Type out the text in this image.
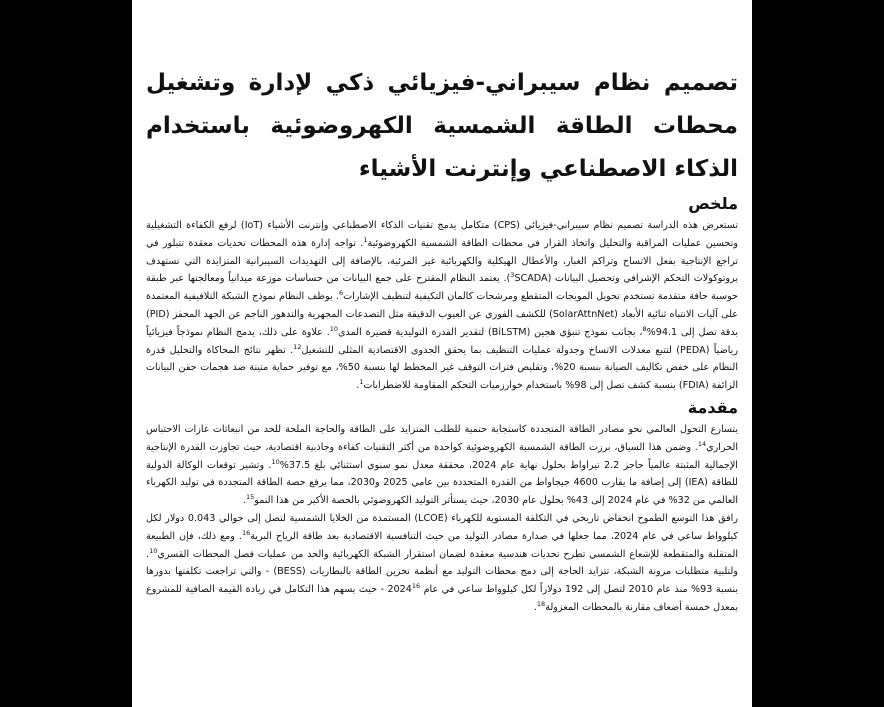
تصميم نظام سيبراني-فيزيائي ذكي لإدارة وتشغيل محطات الطاقة الشمسية الكهروضوئية باستخدام الذكاء الاصطناعي وإنترنت الأشياء
ملخص

تستعرض هذه الدراسة تصميم نظام سيبراني-فيزيائي (CPS) متكامل يدمج تقنيات الذكاء الاصطناعي وإنترنت الأشياء (IoT) لرفع الكفاءة التشغيلية وتحسين عمليات المراقبة والتحليل واتخاذ القرار في محطات الطاقة الشمسية الكهروضوئية$^1$. تواجه إدارة هذه المحطات تحديات معقدة تتبلور في تراجع الإنتاجية بفعل الاتساخ وتراكم الغبار، والأعطال الهيكلية والكهربائية غير المرئية، بالإضافة إلى التهديدات السيبرانية المتزايدة التي تستهدف بروتوكولات التحكم الإشرافي وتحصيل البيانات ($^3$SCADA). يعتمد النظام المقترح على جمع البيانات من حساسات موزعة ميدانياً ومعالجتها عبر طبقة حوسبة حافة متقدمة تستخدم تحويل المويجات المتقطع ومرشحات كالمان التكيفية لتنظيف الإشارات$^6$. يوظف النظام نموذج الشبكة التلافيفية المعتمدة على آليات الانتباه ثنائية الأبعاد (SolarAttnNet) للكشف الفوري عن العيوب الدقيقة مثل التصدعات المجهرية والتدهور الناجم عن الجهد المحفز (PID) بدقة تصل إلى 94.1%$^8$، بجانب نموذج تنبؤي هجين (BiLSTM) لتقدير القدرة التوليدية قصيرة المدى$^{10}$. علاوة على ذلك، يدمج النظام نموذجاً فيزيائياً رياضياً (PEDA) لتتبع معدلات الاتساخ وجدولة عمليات التنظيف بما يحقق الجدوى الاقتصادية المثلى للتشغيل$^{12}$. تظهر نتائج المحاكاة والتحليل قدرة النظام على خفض تكاليف الصيانة بنسبة 20%، وتقليص فترات التوقف غير المخطط لها بنسبة 50%، مع توفير حماية متينة ضد هجمات حقن البيانات الزائفة (FDIA) بنسبة كشف تصل إلى 98% باستخدام خوارزميات التحكم المقاومة للاضطرابات$^1$.

مقدمة

يتسارع التحول العالمي نحو مصادر الطاقة المتجددة كاستجابة حتمية للطلب المتزايد على الطاقة والحاجة الملحة للحد من انبعاثات غازات الاحتباس الحراري$^{14}$. وضمن هذا السياق، برزت الطاقة الشمسية الكهروضوئية كواحدة من أكثر التقنيات كفاءة وجاذبية اقتصادية، حيث تجاوزت القدرة الإنتاجية الإجمالية المثبتة عالمياً حاجز 2.2 تيراواط بحلول نهاية عام 2024، محققة معدل نمو سنوي استثنائي بلغ 37.5%$^{10}$. وتشير توقعات الوكالة الدولية للطاقة (IEA) إلى إضافة ما يقارب 4600 جيجاواط من القدرة المتجددة بين عامي 2025 و2030، مما يرفع حصة الطاقة المتجددة في توليد الكهرباء العالمي من 32% في عام 2024 إلى 43% بحلول عام 2030، حيث يستأثر التوليد الكهروضوئي بالحصة الأكبر من هذا النمو$^{15}$.

رافق هذا التوسع الطموح انخفاض تاريخي في التكلفة المستوية للكهرباء (LCOE) المستمدة من الخلايا الشمسية لتصل إلى حوالي 0.043 دولار لكل كيلوواط ساعي في عام 2024، مما جعلها في صدارة مصادر التوليد من حيث التنافسية الاقتصادية بعد طاقة الرياح البرية$^{16}$. ومع ذلك، فإن الطبيعة المتقلبة والمتقطعة للإشعاع الشمسي تطرح تحديات هندسية معقدة لضمان استقرار الشبكة الكهربائية والحد من عمليات فصل المحطات القسري$^{10}$. ولتلبية متطلبات مرونة الشبكة، تتزايد الحاجة إلى دمج محطات التوليد مع أنظمة تخزين الطاقة بالبطاريات (BESS) - والتي تراجعت تكلفتها بدورها بنسبة 93% منذ عام 2010 لتصل إلى 192 دولاراً لكل كيلوواط ساعي في عام 2024$^{16}$ - حيث يسهم هذا التكامل في زيادة القيمة الصافية للمشروع بمعدل خمسة أضعاف مقارنة بالمحطات المعزولة$^{18}$.
